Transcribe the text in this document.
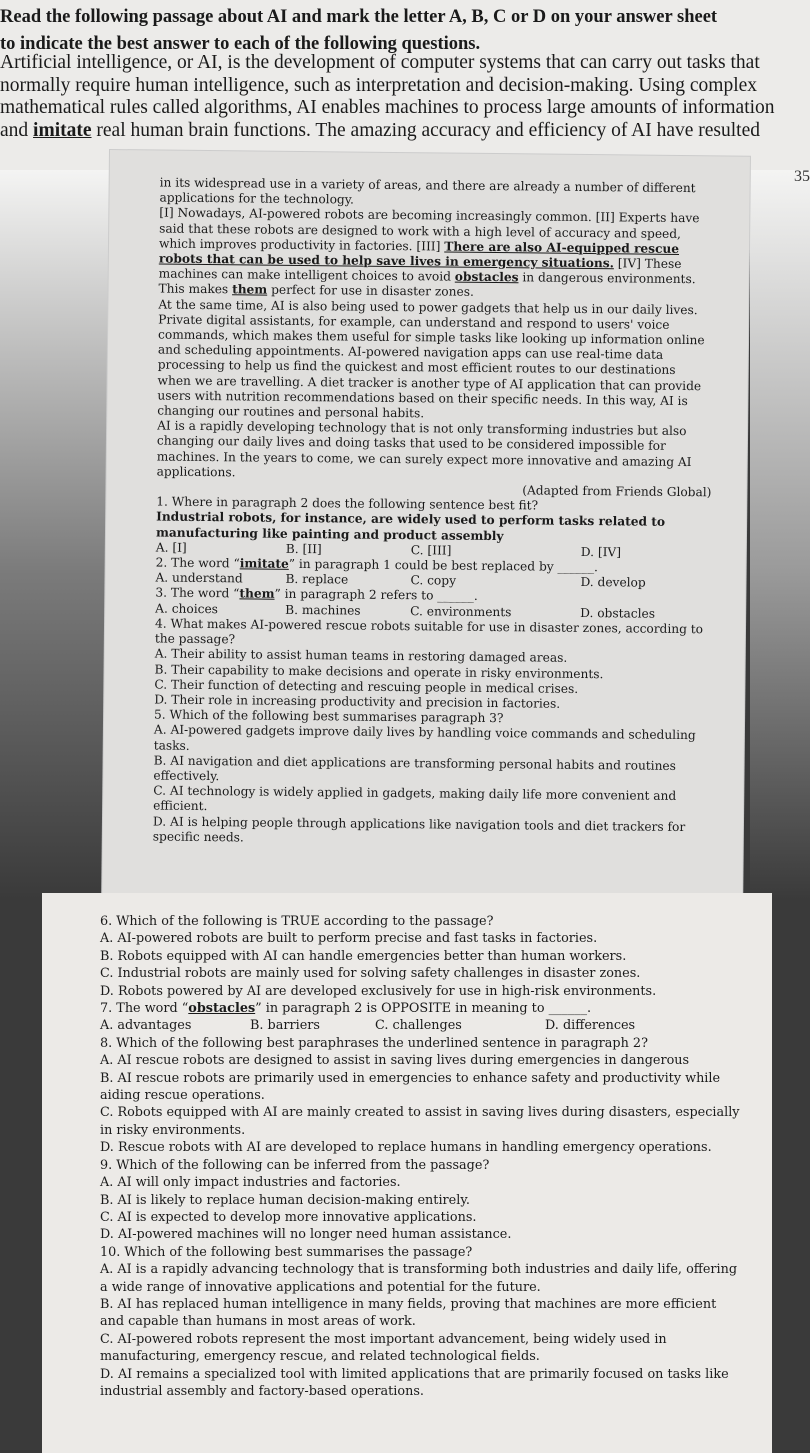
Read the following passage about AI and mark the letter A, B, C or D on your answer sheet
to indicate the best answer to each of the following questions.

Artificial intelligence, or AI, is the development of computer systems that can carry out tasks that
normally require human intelligence, such as interpretation and decision-making. Using complex
mathematical rules called algorithms, AI enables machines to process large amounts of information
and imitate real human brain functions. The amazing accuracy and efficiency of AI have resulted

35

in its widespread use in a variety of areas, and there are already a number of different applications for the technology.

[I] Nowadays, AI-powered robots are becoming increasingly common. [II] Experts have said that these robots are designed to work with a high level of accuracy and speed, which improves productivity in factories. [III] There are also AI-equipped rescue robots that can be used to help save lives in emergency situations. [IV] These machines can make intelligent choices to avoid obstacles in dangerous environments. This makes them perfect for use in disaster zones.

At the same time, AI is also being used to power gadgets that help us in our daily lives. Private digital assistants, for example, can understand and respond to users' voice commands, which makes them useful for simple tasks like looking up information online and scheduling appointments. AI-powered navigation apps can use real-time data processing to help us find the quickest and most efficient routes to our destinations when we are travelling. A diet tracker is another type of AI application that can provide users with nutrition recommendations based on their specific needs. In this way, AI is changing our routines and personal habits.

AI is a rapidly developing technology that is not only transforming industries but also changing our daily lives and doing tasks that used to be considered impossible for machines. In the years to come, we can surely expect more innovative and amazing AI applications.

(Adapted from Friends Global)

1. Where in paragraph 2 does the following sentence best fit?

Industrial robots, for instance, are widely used to perform tasks related to manufacturing like painting and product assembly

A. [I]	B. [II]	C. [III]	D. [IV]

2. The word “imitate” in paragraph 1 could be best replaced by ______.

A. understand	B. replace	C. copy	D. develop

3. The word “them” in paragraph 2 refers to ______.

A. choices	B. machines	C. environments	D. obstacles

4. What makes AI-powered rescue robots suitable for use in disaster zones, according to the passage?

A. Their ability to assist human teams in restoring damaged areas.

B. Their capability to make decisions and operate in risky environments.

C. Their function of detecting and rescuing people in medical crises.

D. Their role in increasing productivity and precision in factories.

5. Which of the following best summarises paragraph 3?

A. AI-powered gadgets improve daily lives by handling voice commands and scheduling tasks.

B. AI navigation and diet applications are transforming personal habits and routines effectively.

C. AI technology is widely applied in gadgets, making daily life more convenient and efficient.

D. AI is helping people through applications like navigation tools and diet trackers for specific needs.

6. Which of the following is TRUE according to the passage?

A. AI-powered robots are built to perform precise and fast tasks in factories.

B. Robots equipped with AI can handle emergencies better than human workers.

C. Industrial robots are mainly used for solving safety challenges in disaster zones.

D. Robots powered by AI are developed exclusively for use in high-risk environments.

7. The word “obstacles” in paragraph 2 is OPPOSITE in meaning to ______.

A. advantages	B. barriers	C. challenges	D. differences

8. Which of the following best paraphrases the underlined sentence in paragraph 2?

A. AI rescue robots are designed to assist in saving lives during emergencies in dangerous

B. AI rescue robots are primarily used in emergencies to enhance safety and productivity while aiding rescue operations.

C. Robots equipped with AI are mainly created to assist in saving lives during disasters, especially in risky environments.

D. Rescue robots with AI are developed to replace humans in handling emergency operations.

9. Which of the following can be inferred from the passage?

A. AI will only impact industries and factories.

B. AI is likely to replace human decision-making entirely.

C. AI is expected to develop more innovative applications.

D. AI-powered machines will no longer need human assistance.

10. Which of the following best summarises the passage?

A. AI is a rapidly advancing technology that is transforming both industries and daily life, offering a wide range of innovative applications and potential for the future.

B. AI has replaced human intelligence in many fields, proving that machines are more efficient and capable than humans in most areas of work.

C. AI-powered robots represent the most important advancement, being widely used in manufacturing, emergency rescue, and related technological fields.

D. AI remains a specialized tool with limited applications that are primarily focused on tasks like industrial assembly and factory-based operations.
